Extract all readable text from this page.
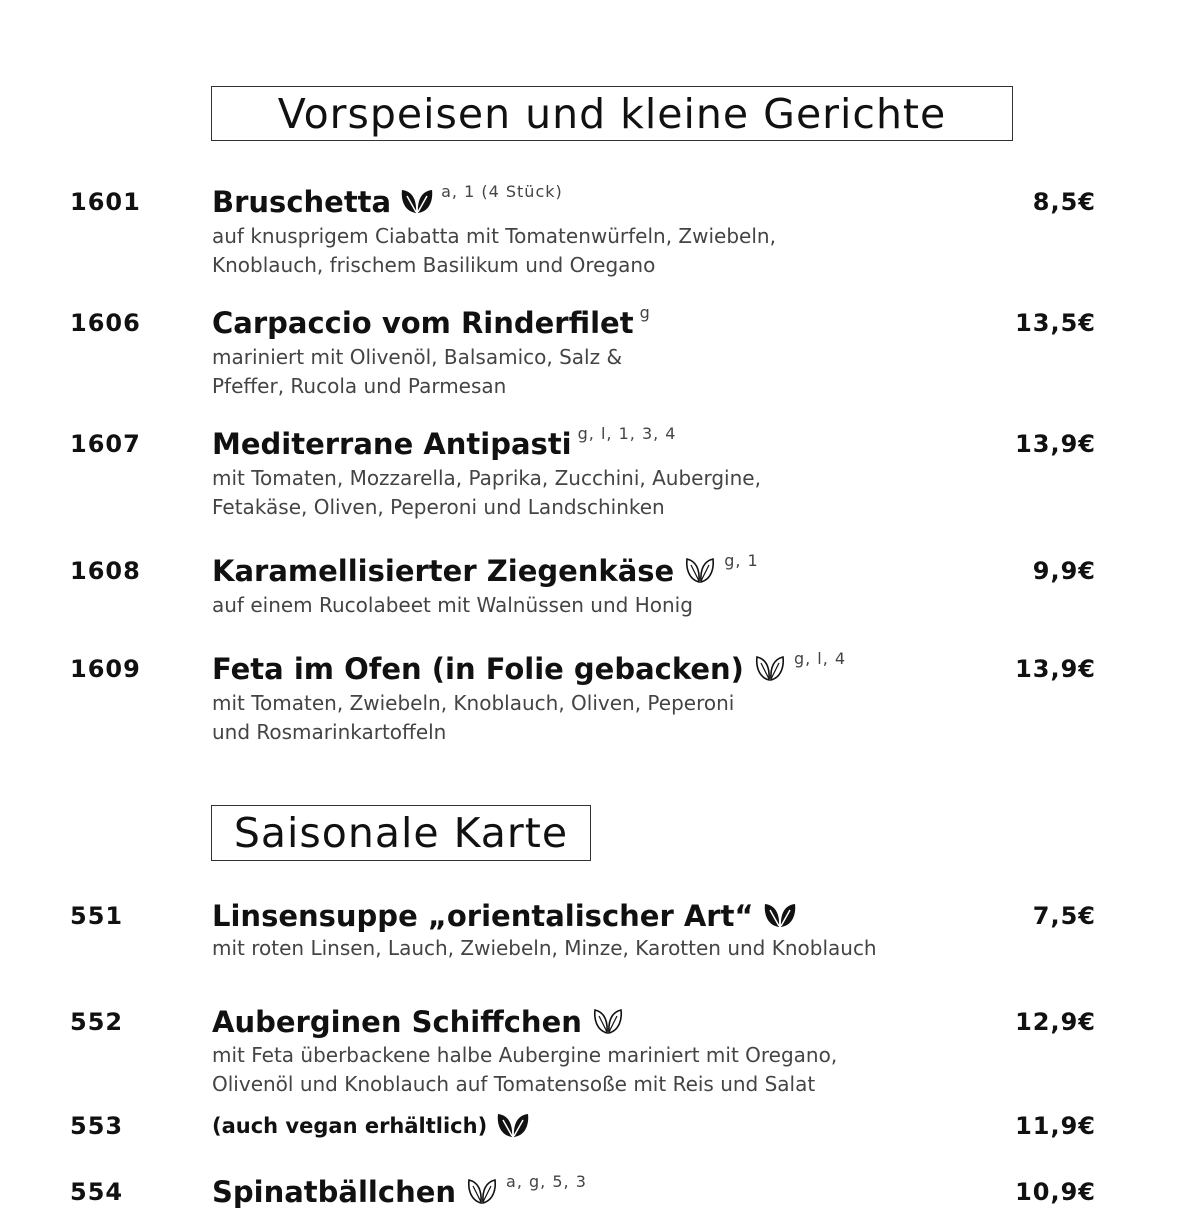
Vorspeisen und kleine Gerichte
1601 Bruschetta	a, 1 (4 Stück)	8,5€
auf knusprigem Ciabatta mit Tomatenwürfeln, Zwiebeln,
Knoblauch, frischem Basilikum und Oregano
1606 Carpaccio vom Rinderfilet g	13,5€
mariniert mit Olivenöl, Balsamico, Salz &
Pfeffer, Rucola und Parmesan
1607 Mediterrane Antipasti g, l, 1, 3, 4	13,9€
mit Tomaten, Mozzarella, Paprika, Zucchini, Aubergine,
Fetakäse, Oliven, Peperoni und Landschinken
1608 Karamellisierter Ziegenkäse	g, 1	9,9€
auf einem Rucolabeet mit Walnüssen und Honig
1609 Feta im Ofen (in Folie gebacken)	g, l, 4	13,9€
mit Tomaten, Zwiebeln, Knoblauch, Oliven, Peperoni
und Rosmarinkartoffeln
Saisonale Karte
551	Linsensuppe „orientalischer Art“	7,5€
mit roten Linsen, Lauch, Zwiebeln, Minze, Karotten und Knoblauch
552	Auberginen Schiffchen	12,9€
mit Feta überbackene halbe Aubergine mariniert mit Oregano,
Olivenöl und Knoblauch auf Tomatensoße mit Reis und Salat
553	(auch vegan erhältlich)	11,9€
554	Spinatbällchen	a, g, 5, 3	10,9€
